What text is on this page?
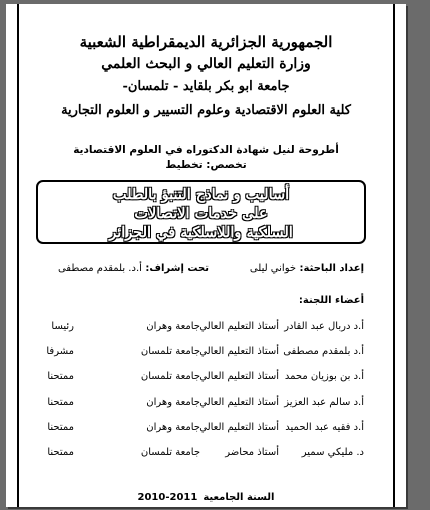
الجمهورية الجزائرية الديمقراطية الشعبية
وزارة التعليم العالي و البحث العلمي
جامعة ابو بكر بلقايد - تلمسان-
كلية العلوم الاقتصادية وعلوم التسيير و العلوم التجارية
أطروحة لنيل شهادة الدكتوراه في العلوم الاقتصادية
تخصص: تخطيط
أساليب و نماذج التنبؤ بالطلب
على خدمات الاتصالات
السلكية واللاسلكية في الجزائر
إعداد الباحثة: خواني ليلى  تحت إشراف: أ.د. بلمقدم مصطفى
أعضاء اللجنة:
أ.د دربال عبد القادر
أستاذ التعليم العالي
جامعة وهران
رئيسا
أ.د بلمقدم مصطفى
أستاذ التعليم العالي
جامعة تلمسان
مشرفا
أ.د بن بوزيان محمد
أستاذ التعليم العالي
جامعة تلمسان
ممتحنا
أ.د سالم عبد العزيز
أستاذ التعليم العالي
جامعة وهران
ممتحنا
أ.د فقيه عبد الحميد
أستاذ التعليم العالي
جامعة وهران
ممتحنا
د. مليكي سمير
أستاذ محاضر
جامعة تلمسان
ممتحنا
السنة الجامعية2010-2011
